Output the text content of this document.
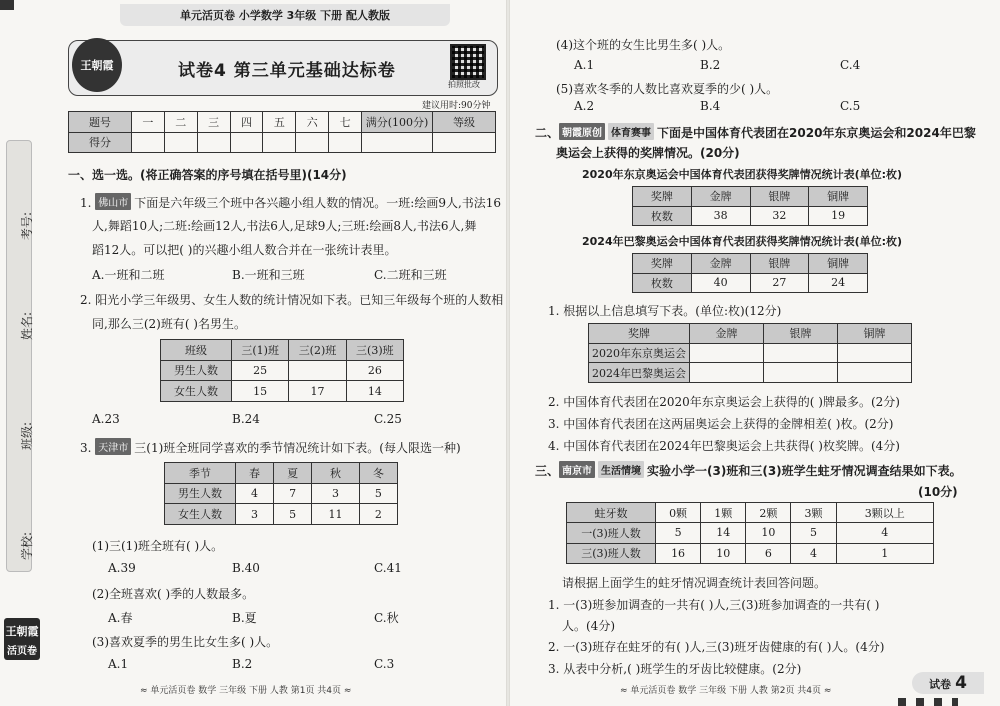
学校:
班级:
姓名:
考号:
王朝霞
活页卷
单元活页卷 小学数学 3年级 下册 配人教版
王朝霞	试卷4 第三单元基础达标卷
拍照批改
建议用时:90分钟
题号	一	二	三	四	五	六	七	满分(100分)	等级
得分									
一、选一选。(将正确答案的序号填在括号里)(14分)
1. 佛山市 下面是六年级三个班中各兴趣小组人数的情况。一班:绘画9人,书法16
人,舞蹈10人;二班:绘画12人,书法6人,足球9人;三班:绘画8人,书法6人,舞
蹈12人。可以把( )的兴趣小组人数合并在一张统计表里。
A.一班和二班	B.一班和三班	C.二班和三班
2. 阳光小学三年级男、女生人数的统计情况如下表。已知三年级每个班的人数相
同,那么三(2)班有( )名男生。
班级	三(1)班	三(2)班	三(3)班
男生人数	25		26
女生人数	15	17	14
A.23	B.24	C.25
3. 天津市 三(1)班全班同学喜欢的季节情况统计如下表。(每人限选一种)
季节	春	夏	秋	冬
男生人数	4	7	3	5
女生人数	3	5	11	2
(1)三(1)班全班有( )人。
A.39	B.40	C.41
(2)全班喜欢( )季的人数最多。
A.春	B.夏	C.秋
(3)喜欢夏季的男生比女生多( )人。
A.1	B.2	C.3
≈ 单元活页卷 数学 三年级 下册 人教 第1页 共4页 ≈
(4)这个班的女生比男生多( )人。
A.1	B.2	C.4
(5)喜欢冬季的人数比喜欢夏季的少( )人。
A.2	B.4	C.5
二、 朝霞原创 体育赛事 下面是中国体育代表团在2020年东京奥运会和2024年巴黎
奥运会上获得的奖牌情况。(20分)
2020年东京奥运会中国体育代表团获得奖牌情况统计表(单位:枚)
奖牌	金牌	银牌	铜牌
枚数	38	32	19
2024年巴黎奥运会中国体育代表团获得奖牌情况统计表(单位:枚)
奖牌	金牌	银牌	铜牌
枚数	40	27	24
1. 根据以上信息填写下表。(单位:枚)(12分)
奖牌	金牌	银牌	铜牌
2020年东京奥运会			
2024年巴黎奥运会			
2. 中国体育代表团在2020年东京奥运会上获得的( )牌最多。(2分)
3. 中国体育代表团在这两届奥运会上获得的金牌相差( )枚。(2分)
4. 中国体育代表团在2024年巴黎奥运会上共获得( )枚奖牌。(4分)
三、 南京市 生活情境 实验小学一(3)班和三(3)班学生蛀牙情况调查结果如下表。
(10分)
蛀牙数	0颗	1颗	2颗	3颗	3颗以上
一(3)班人数	5	14	10	5	4
三(3)班人数	16	10	6	4	1
请根据上面学生的蛀牙情况调查统计表回答问题。
1. 一(3)班参加调查的一共有( )人,三(3)班参加调查的一共有( )
人。(4分)
2. 一(3)班存在蛀牙的有( )人,三(3)班牙齿健康的有( )人。(4分)
3. 从表中分析,( )班学生的牙齿比较健康。(2分)
≈ 单元活页卷 数学 三年级 下册 人教 第2页 共4页 ≈	试卷 4
